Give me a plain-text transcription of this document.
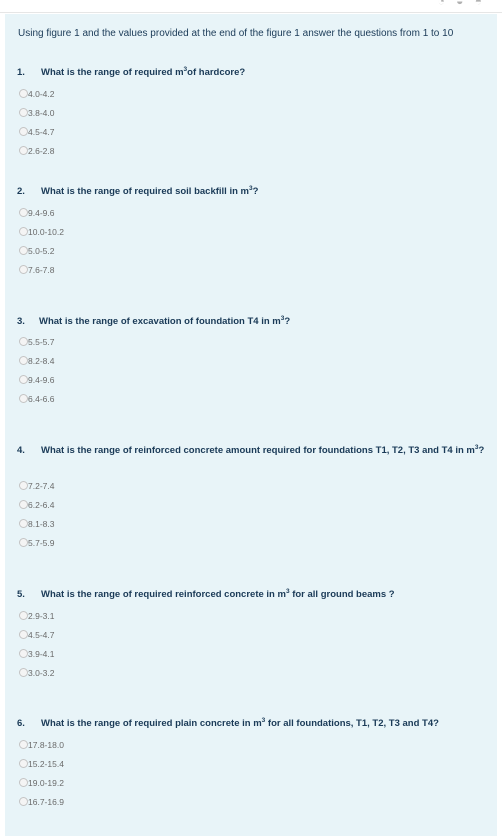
◔ ◒ ◓

Using figure 1 and the values provided at the end of the figure 1 answer the questions from 1 to 10

1. What is the range of required $m^3of$ hardcore?

4.0-4.2
3.8-4.0
4.5-4.7
2.6-2.8

2. What is the range of required soil backfill in $m^3$?

9.4-9.6
10.0-10.2
5.0-5.2
7.6-7.8

3. What is the range of excavation of foundation T4 in $m^3$?

5.5-5.7
8.2-8.4
9.4-9.6
6.4-6.6

4. What is the range of reinforced concrete amount required for foundations T1, T2, T3 and T4 in $m^3$?

7.2-7.4
6.2-6.4
8.1-8.3
5.7-5.9

5. What is the range of required reinforced concrete in $m^3$ for all ground beams ?

2.9-3.1
4.5-4.7
3.9-4.1
3.0-3.2

6. What is the range of required plain concrete in $m^3$ for all foundations, T1, T2, T3 and T4?

17.8-18.0
15.2-15.4
19.0-19.2
16.7-16.9
